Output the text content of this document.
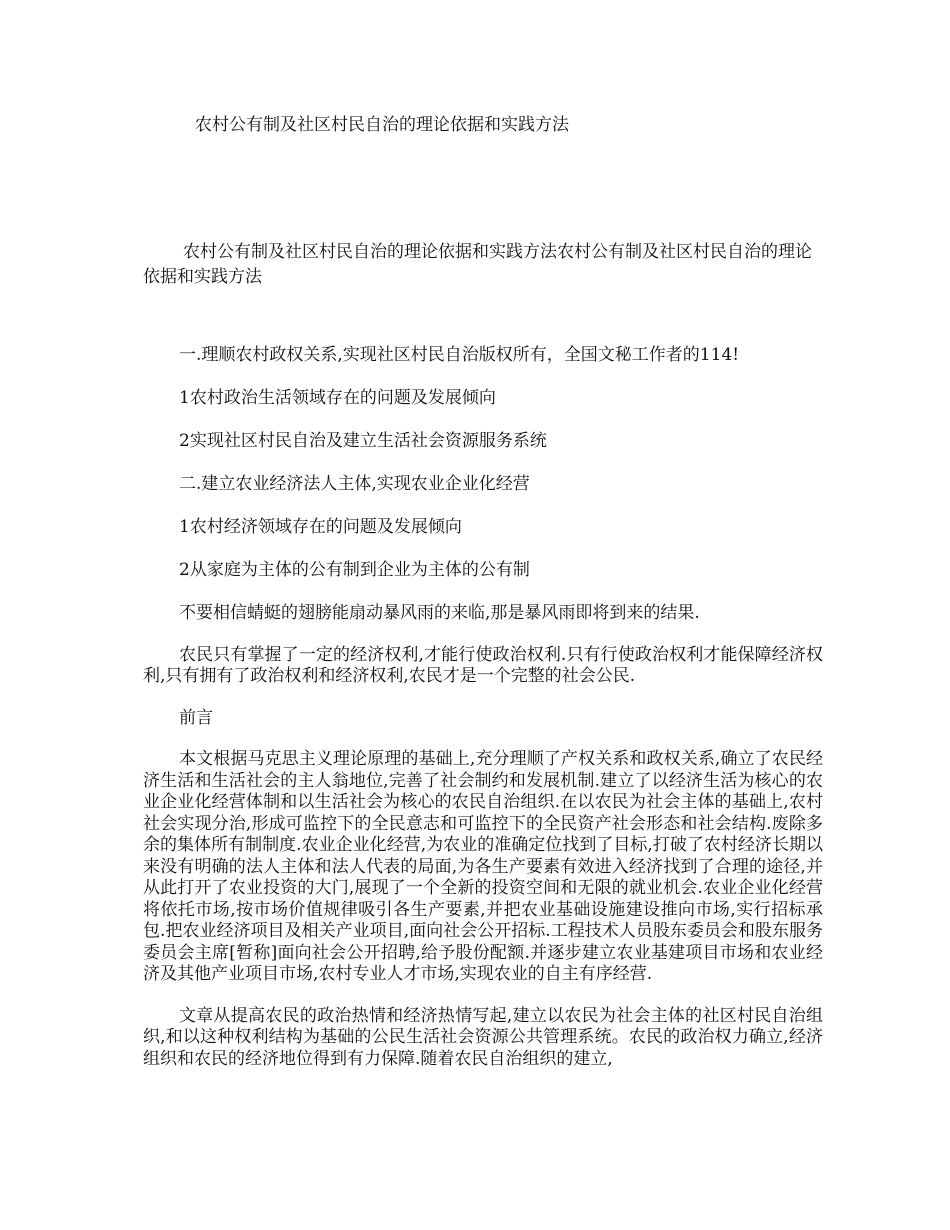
农村公有制及社区村民自治的理论依据和实践方法

农村公有制及社区村民自治的理论依据和实践方法农村公有制及社区村民自治的理论依据和实践方法

一.理顺农村政权关系,实现社区村民自治版权所有，全国文秘工作者的114!

1农村政治生活领域存在的问题及发展倾向

2实现社区村民自治及建立生活社会资源服务系统

二.建立农业经济法人主体,实现农业企业化经营

1农村经济领域存在的问题及发展倾向

2从家庭为主体的公有制到企业为主体的公有制

不要相信蜻蜓的翅膀能扇动暴风雨的来临,那是暴风雨即将到来的结果.

农民只有掌握了一定的经济权利,才能行使政治权利.只有行使政治权利才能保障经济权利,只有拥有了政治权利和经济权利,农民才是一个完整的社会公民.

前言

本文根据马克思主义理论原理的基础上,充分理顺了产权关系和政权关系,确立了农民经济生活和生活社会的主人翁地位,完善了社会制约和发展机制.建立了以经济生活为核心的农业企业化经营体制和以生活社会为核心的农民自治组织.在以农民为社会主体的基础上,农村社会实现分治,形成可监控下的全民意志和可监控下的全民资产社会形态和社会结构.废除多余的集体所有制制度.农业企业化经营,为农业的准确定位找到了目标,打破了农村经济长期以来没有明确的法人主体和法人代表的局面,为各生产要素有效进入经济找到了合理的途径,并从此打开了农业投资的大门,展现了一个全新的投资空间和无限的就业机会.农业企业化经营将依托市场,按市场价值规律吸引各生产要素,并把农业基础设施建设推向市场,实行招标承包.把农业经济项目及相关产业项目,面向社会公开招标.工程技术人员股东委员会和股东服务委员会主席[暂称]面向社会公开招聘,给予股份配额.并逐步建立农业基建项目市场和农业经济及其他产业项目市场,农村专业人才市场,实现农业的自主有序经营.

文章从提高农民的政治热情和经济热情写起,建立以农民为社会主体的社区村民自治组织,和以这种权利结构为基础的公民生活社会资源公共管理系统。农民的政治权力确立,经济组织和农民的经济地位得到有力保障.随着农民自治组织的建立,
